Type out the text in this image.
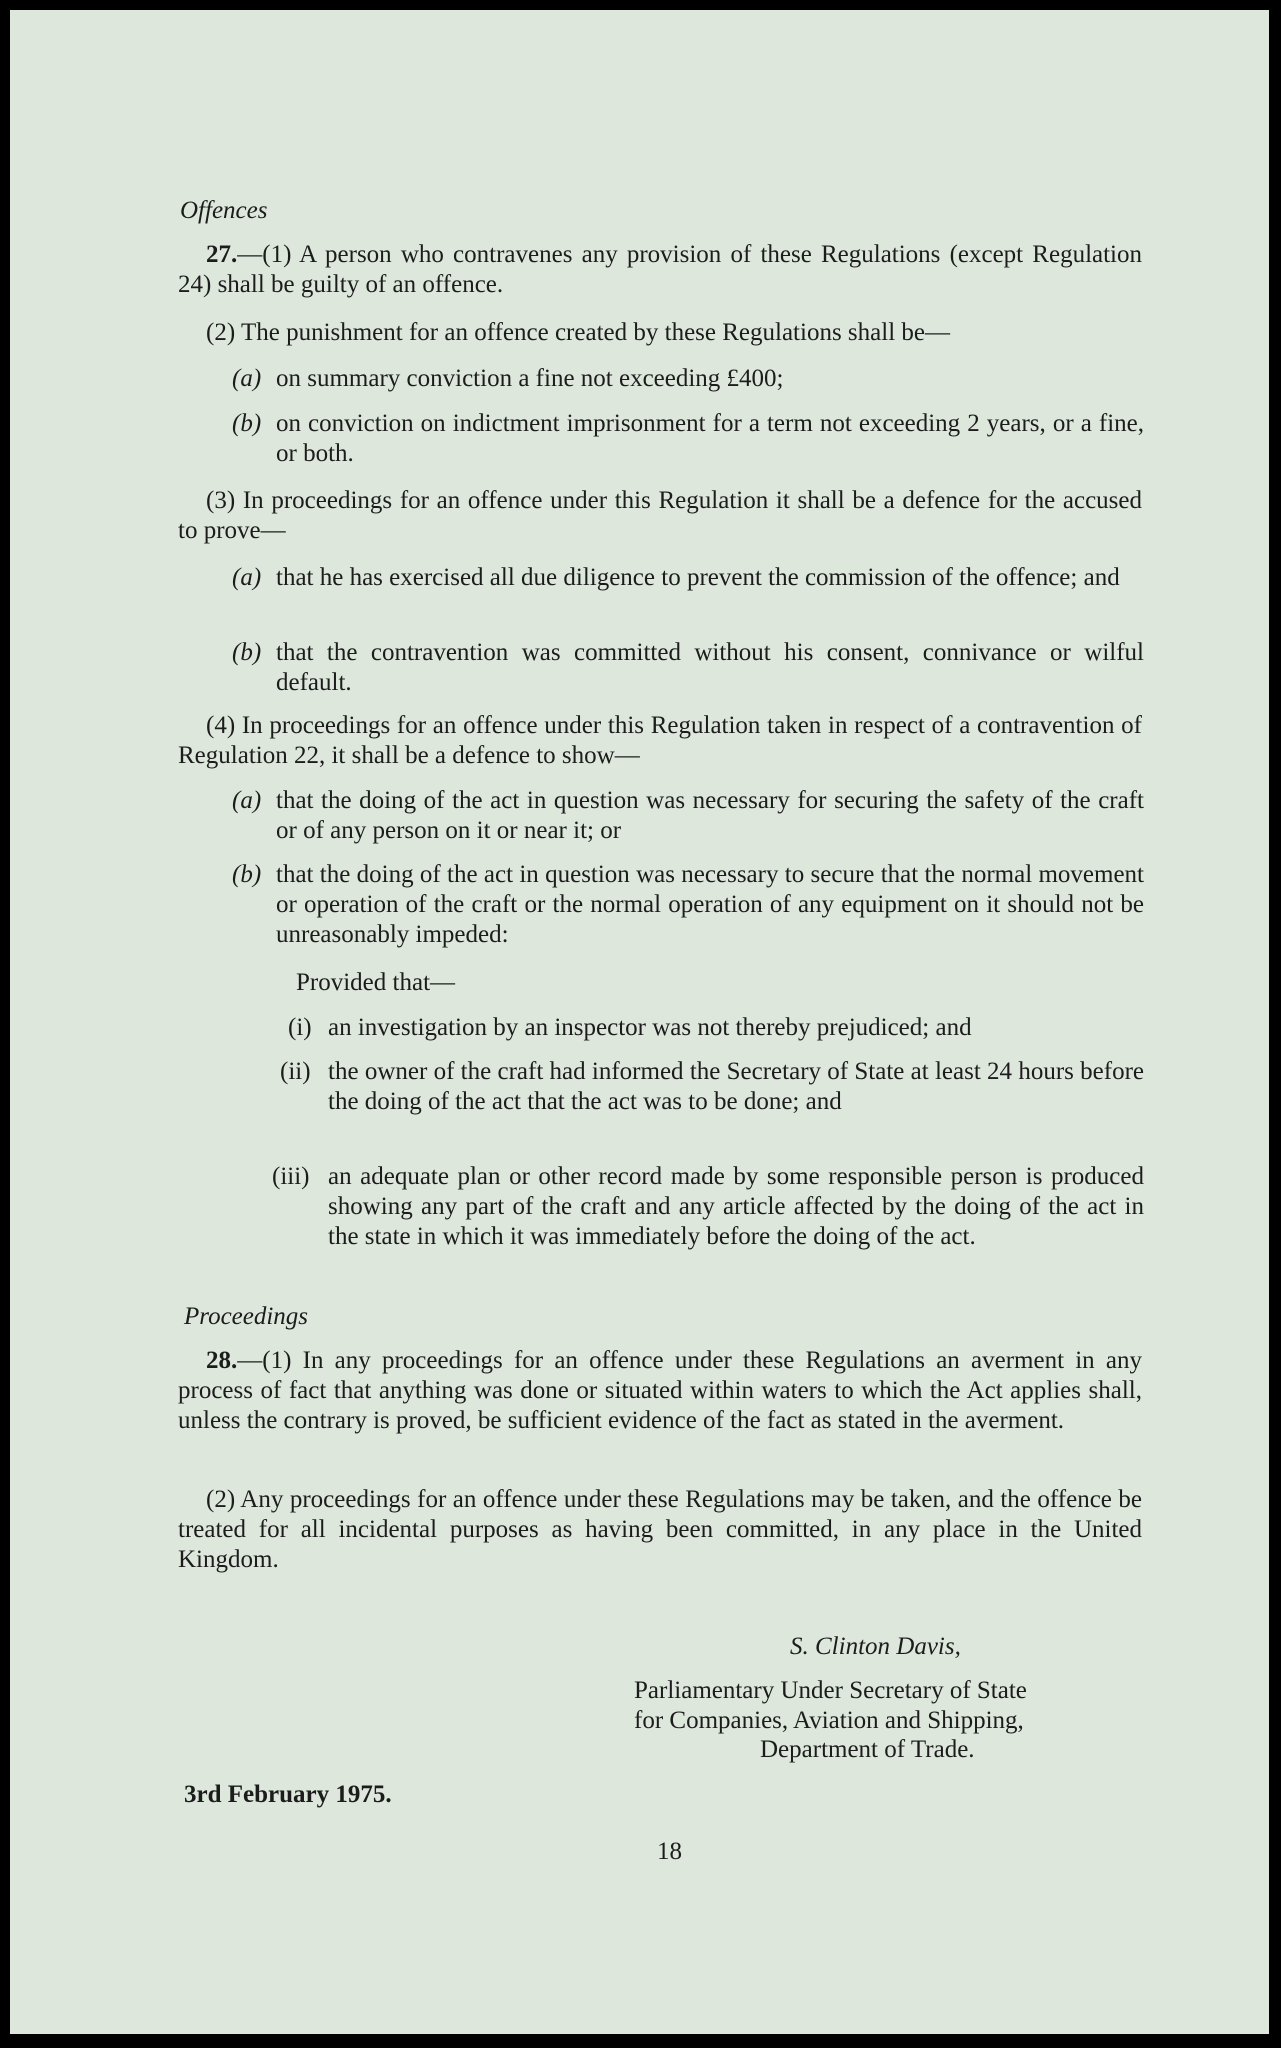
Offences
27.—(1) A person who contravenes any provision of these Regulations (except Regulation 24) shall be guilty of an offence.
(2) The punishment for an offence created by these Regulations shall be—
(a) on summary conviction a fine not exceeding £400;
(b) on conviction on indictment imprisonment for a term not exceeding 2 years, or a fine, or both.
(3) In proceedings for an offence under this Regulation it shall be a defence for the accused to prove—
(a) that he has exercised all due diligence to prevent the commission of the offence; and
(b) that the contravention was committed without his consent, connivance or wilful default.
(4) In proceedings for an offence under this Regulation taken in respect of a contravention of Regulation 22, it shall be a defence to show—
(a) that the doing of the act in question was necessary for securing the safety of the craft or of any person on it or near it; or
(b) that the doing of the act in question was necessary to secure that the normal movement or operation of the craft or the normal operation of any equipment on it should not be unreasonably impeded:
Provided that—
(i) an investigation by an inspector was not thereby prejudiced; and
(ii) the owner of the craft had informed the Secretary of State at least 24 hours before the doing of the act that the act was to be done; and
(iii) an adequate plan or other record made by some responsible person is produced showing any part of the craft and any article affected by the doing of the act in the state in which it was immediately before the doing of the act.
Proceedings
28.—(1) In any proceedings for an offence under these Regulations an averment in any process of fact that anything was done or situated within waters to which the Act applies shall, unless the contrary is proved, be sufficient evidence of the fact as stated in the averment.
(2) Any proceedings for an offence under these Regulations may be taken, and the offence be treated for all incidental purposes as having been committed, in any place in the United Kingdom.
S. Clinton Davis,
Parliamentary Under Secretary of State
for Companies, Aviation and Shipping,
Department of Trade.
3rd February 1975.
18
